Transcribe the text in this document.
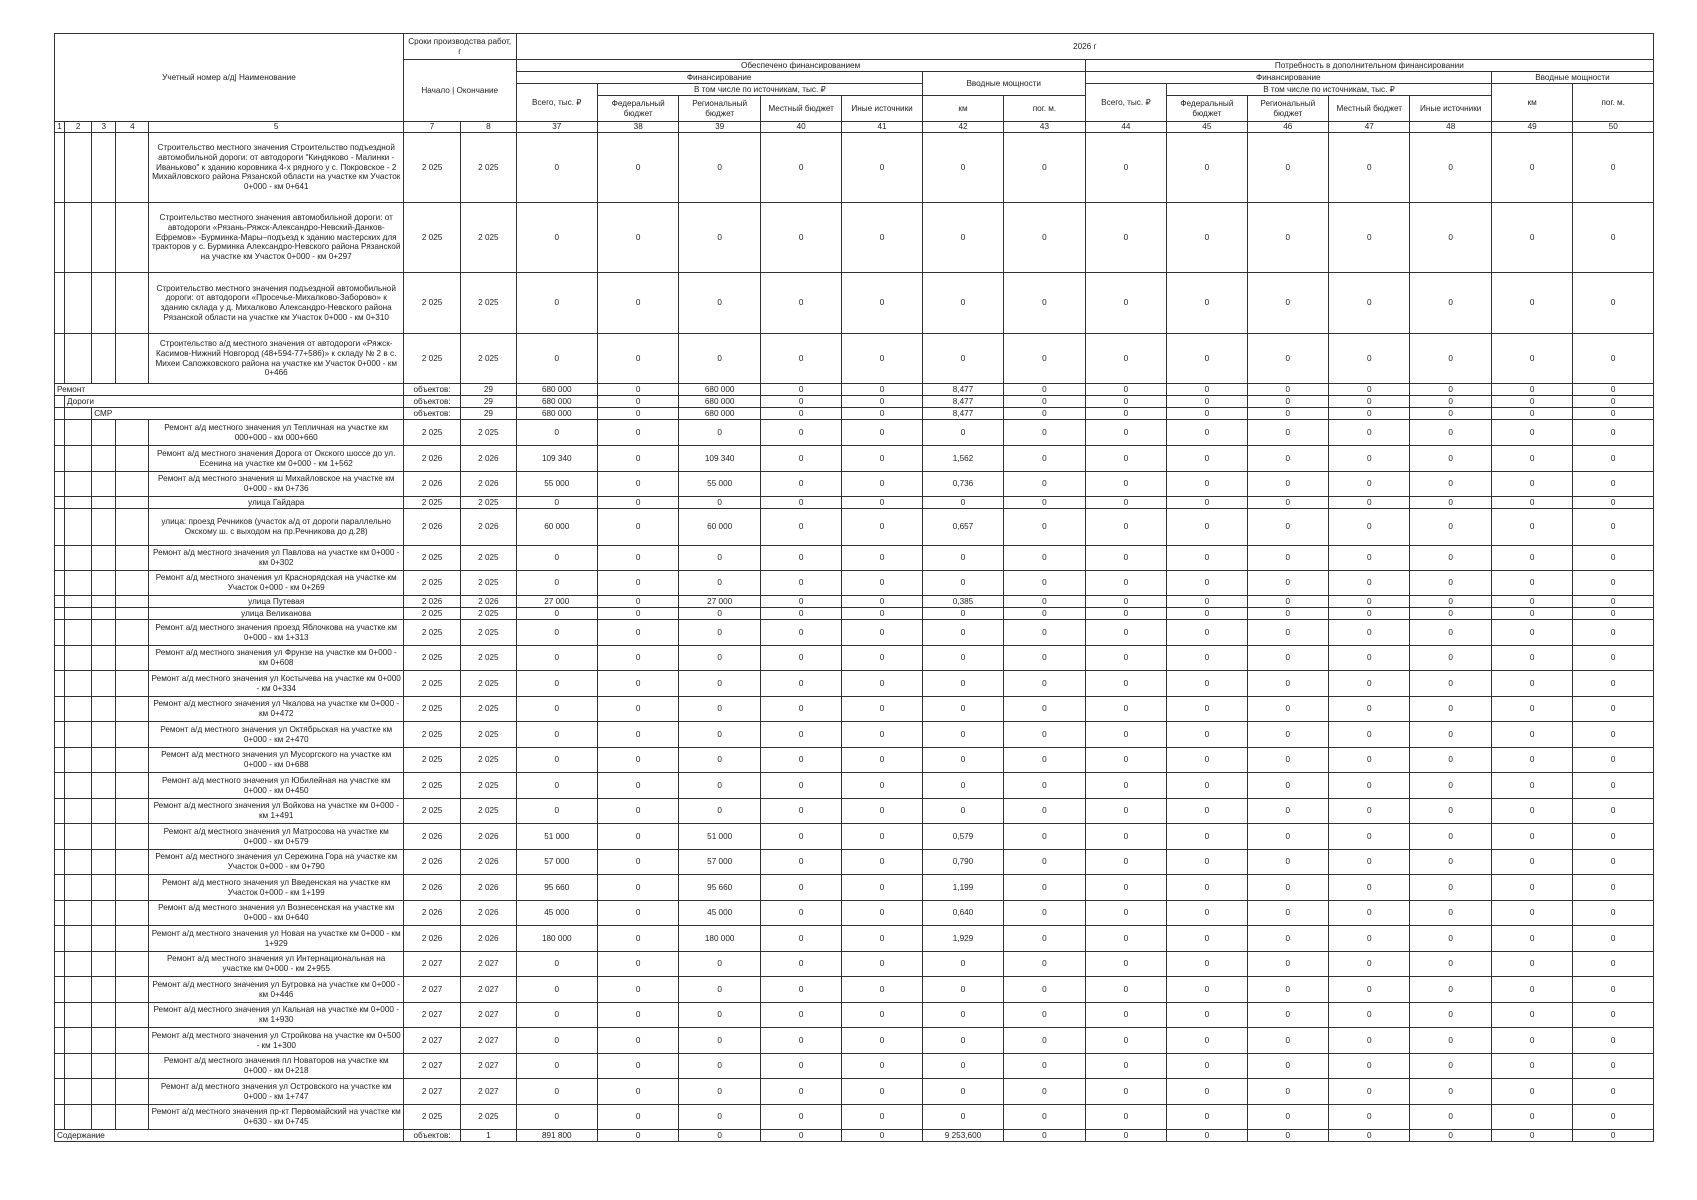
Учетный номер а/д| Наименование					Сроки производства работ, г		2026 г													
					Начало | Окончание		Обеспечено финансированием							Потребность в дополнительном финансировании						
							Финансирование					Вводные мощности		Финансирование					Вводные мощности	
							Всего, тыс. ₽	В том числе по источникам, тыс. ₽						Всего, тыс. ₽	В том числе по источникам, тыс. ₽				км	пог. м.
								Федеральный бюджет	Региональный бюджет	Местный бюджет	Иные источники	км	пог. м.		Федеральный бюджет	Региональный бюджет	Местный бюджет	Иные источники		
1	2	3	4	5	7	8	37	38	39	40	41	42	43	44	45	46	47	48	49	50
				Строительство местного значения Строительство подъездной автомобильной дороги: от автодороги "Киндяково - Малинки - Иваньково" к зданию коровника 4-х рядного у с. Покровское - 2 Михайловского района Рязанской области на участке км Участок 0+000 - км 0+641	2 025	2 025	0	0	0	0	0	0	0	0	0	0	0	0	0	0
				Строительство местного значения автомобильной дороги: от автодороги «Рязань-Ряжск-Александро-Невский-Данков-Ефремов» -Бурминка-Мары–подъезд к зданию мастерских для тракторов у с. Бурминка Александро-Невского района Рязанской на участке км Участок 0+000 - км 0+297	2 025	2 025	0	0	0	0	0	0	0	0	0	0	0	0	0	0
				Строительство местного значения подъездной автомобильной дороги: от автодороги «Просечье-Михалково-Заборово» к зданию склада у д. Михалково Александро-Невского района Рязанской области на участке км Участок 0+000 - км 0+310	2 025	2 025	0	0	0	0	0	0	0	0	0	0	0	0	0	0
				Строительство а/д местного значения от автодороги «Ряжск-Касимов-Нижний Новгород (48+594-77+586)» к складу № 2 в с. Михеи Сапожковского района на участке км Участок 0+000 - км 0+466	2 025	2 025	0	0	0	0	0	0	0	0	0	0	0	0	0	0
Ремонт					объектов:	29	680 000	0	680 000	0	0	8,477	0	0	0	0	0	0	0	0
	Дороги				объектов:	29	680 000	0	680 000	0	0	8,477	0	0	0	0	0	0	0	0
		СМР			объектов:	29	680 000	0	680 000	0	0	8,477	0	0	0	0	0	0	0	0
				Ремонт а/д местного значения ул Тепличная на участке км 000+000 - км 000+660	2 025	2 025	0	0	0	0	0	0	0	0	0	0	0	0	0	0
				Ремонт а/д местного значения Дорога от Окского шоссе до ул. Есенина на участке км 0+000 - км 1+562	2 026	2 026	109 340	0	109 340	0	0	1,562	0	0	0	0	0	0	0	0
				Ремонт а/д местного значения ш Михайловское на участке км 0+000 - км 0+736	2 026	2 026	55 000	0	55 000	0	0	0,736	0	0	0	0	0	0	0	0
				улица Гайдара	2 025	2 025	0	0	0	0	0	0	0	0	0	0	0	0	0	0
				улица: проезд Речников (участок а/д от дороги параллельно Окскому ш. с выходом на пр.Речникова до д.28)	2 026	2 026	60 000	0	60 000	0	0	0,657	0	0	0	0	0	0	0	0
				Ремонт а/д местного значения ул Павлова на участке км 0+000 - км 0+302	2 025	2 025	0	0	0	0	0	0	0	0	0	0	0	0	0	0
				Ремонт а/д местного значения ул Краснорядская на участке км Участок 0+000 - км 0+269	2 025	2 025	0	0	0	0	0	0	0	0	0	0	0	0	0	0
				улица Путевая	2 026	2 026	27 000	0	27 000	0	0	0,385	0	0	0	0	0	0	0	0
				улица Великанова	2 025	2 025	0	0	0	0	0	0	0	0	0	0	0	0	0	0
				Ремонт а/д местного значения проезд Яблочкова на участке км 0+000 - км 1+313	2 025	2 025	0	0	0	0	0	0	0	0	0	0	0	0	0	0
				Ремонт а/д местного значения ул Фрунзе на участке км 0+000 - км 0+608	2 025	2 025	0	0	0	0	0	0	0	0	0	0	0	0	0	0
				Ремонт а/д местного значения ул Костычева на участке км 0+000 - км 0+334	2 025	2 025	0	0	0	0	0	0	0	0	0	0	0	0	0	0
				Ремонт а/д местного значения ул Чкалова на участке км 0+000 - км 0+472	2 025	2 025	0	0	0	0	0	0	0	0	0	0	0	0	0	0
				Ремонт а/д местного значения ул Октябрьская на участке км 0+000 - км 2+470	2 025	2 025	0	0	0	0	0	0	0	0	0	0	0	0	0	0
				Ремонт а/д местного значения ул Мусоргского на участке км 0+000 - км 0+688	2 025	2 025	0	0	0	0	0	0	0	0	0	0	0	0	0	0
				Ремонт а/д местного значения ул Юбилейная на участке км 0+000 - км 0+450	2 025	2 025	0	0	0	0	0	0	0	0	0	0	0	0	0	0
				Ремонт а/д местного значения ул Войкова на участке км 0+000 - км 1+491	2 025	2 025	0	0	0	0	0	0	0	0	0	0	0	0	0	0
				Ремонт а/д местного значения ул Матросова на участке км 0+000 - км 0+579	2 026	2 026	51 000	0	51 000	0	0	0,579	0	0	0	0	0	0	0	0
				Ремонт а/д местного значения ул Сережина Гора на участке км Участок 0+000 - км 0+790	2 026	2 026	57 000	0	57 000	0	0	0,790	0	0	0	0	0	0	0	0
				Ремонт а/д местного значения ул Введенская на участке км Участок 0+000 - км 1+199	2 026	2 026	95 660	0	95 660	0	0	1,199	0	0	0	0	0	0	0	0
				Ремонт а/д местного значения ул Вознесенская на участке км 0+000 - км 0+640	2 026	2 026	45 000	0	45 000	0	0	0,640	0	0	0	0	0	0	0	0
				Ремонт а/д местного значения ул Новая на участке км 0+000 - км 1+929	2 026	2 026	180 000	0	180 000	0	0	1,929	0	0	0	0	0	0	0	0
				Ремонт а/д местного значения ул Интернациональная на участке км 0+000 - км 2+955	2 027	2 027	0	0	0	0	0	0	0	0	0	0	0	0	0	0
				Ремонт а/д местного значения ул Бугровка на участке км 0+000 - км 0+446	2 027	2 027	0	0	0	0	0	0	0	0	0	0	0	0	0	0
				Ремонт а/д местного значения ул Кальная на участке км 0+000 - км 1+930	2 027	2 027	0	0	0	0	0	0	0	0	0	0	0	0	0	0
				Ремонт а/д местного значения ул Стройкова на участке км 0+500 - км 1+300	2 027	2 027	0	0	0	0	0	0	0	0	0	0	0	0	0	0
				Ремонт а/д местного значения пл Новаторов на участке км 0+000 - км 0+218	2 027	2 027	0	0	0	0	0	0	0	0	0	0	0	0	0	0
				Ремонт а/д местного значения ул Островского на участке км 0+000 - км 1+747	2 027	2 027	0	0	0	0	0	0	0	0	0	0	0	0	0	0
				Ремонт а/д местного значения пр-кт Первомайский на участке км 0+630 - км 0+745	2 025	2 025	0	0	0	0	0	0	0	0	0	0	0	0	0	0
Содержание					объектов:	1	891 800	0	0	0	0	9 253,600	0	0	0	0	0	0	0	0
